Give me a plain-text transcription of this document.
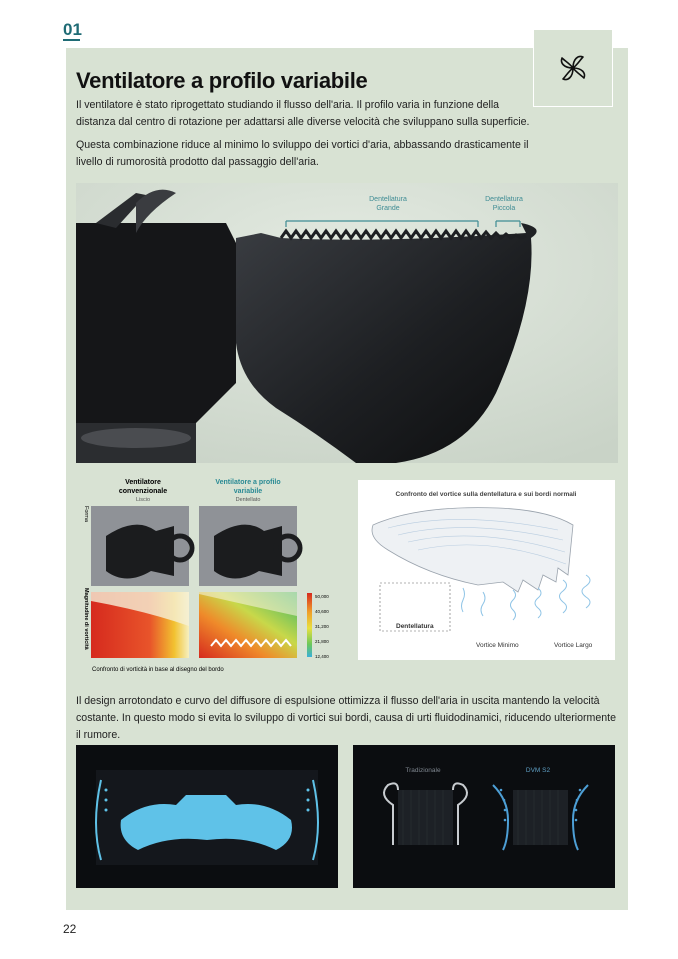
01
Ventilatore a profilo variabile
Il ventilatore è stato riprogettato studiando il flusso dell'aria. Il profilo varia in funzione della distanza dal centro di rotazione per adattarsi alle diverse velocità che sviluppano sulla superficie.
Questa combinazione riduce al minimo lo sviluppo dei vortici d'aria, abbassando drasticamente il livello di rumorosità prodotto dal passaggio dell'aria.
Dentellatura
Grande
Dentellatura
Piccola
Ventilatore
convenzionale
Liscio
Ventilatore a profilo
variabile
Dentellato
Forma
Magnitudine di vorticità	50,000
40,600
31,200
21,800
12,400
Confronto di vorticità in base al disegno del bordo
Confronto del vortice sulla dentellatura e sui bordi normali
Dentellatura
Vortice Minimo	Vortice Largo
Il design arrotondato e curvo del diffusore di espulsione ottimizza il flusso dell'aria in uscita mantendo la velocità costante. In questo modo si evita lo sviluppo di vortici sui bordi, causa di urti fluidodinamici, riducendo ulteriormente il rumore.
Tradizionale	DVM S2
22
